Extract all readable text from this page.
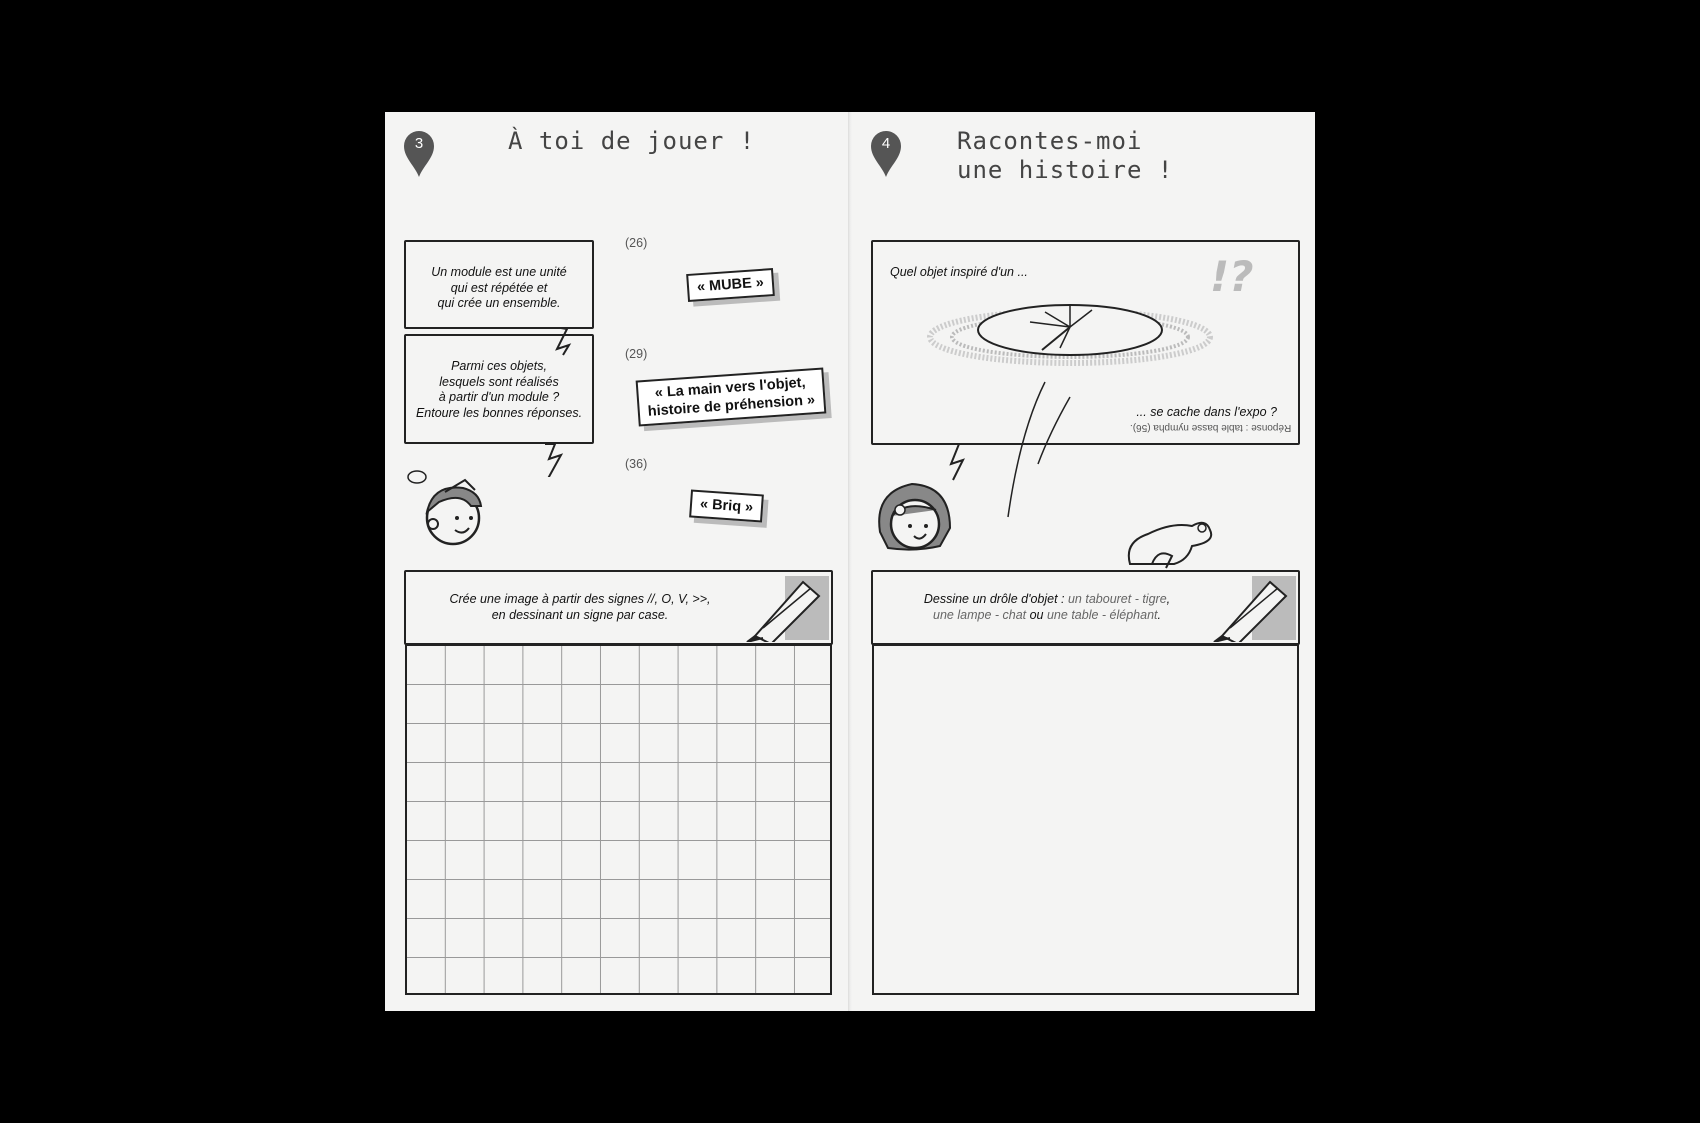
3	À toi de jouer !
Un module est une unité
qui est répétée et
qui crée un ensemble.
Parmi ces objets,
lesquels sont réalisés
à partir d'un module ?
Entoure les bonnes réponses.
(26)
« MUBE »
(29)
« La main vers l'objet,
histoire de préhension »
(36)
« Briq »
Crée une image à partir des signes //, O, V, >>,
en dessinant un signe par case.
4	Racontes-moi
une histoire !
Quel objet inspiré d'un ...
... se cache dans l'expo ?
!?
Réponse : table basse nympha (56).
Dessine un drôle d'objet : un tabouret - tigre,
une lampe - chat ou une table - éléphant.
